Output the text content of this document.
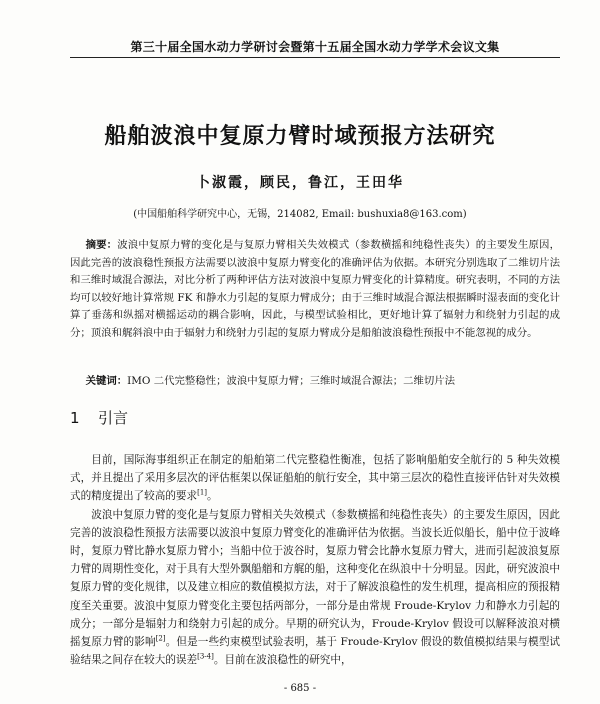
第三十届全国水动力学研讨会暨第十五届全国水动力学学术会议文集
船舶波浪中复原力臂时域预报方法研究
卜淑霞，顾民，鲁江，王田华
(中国船舶科学研究中心，无锡，214082, Email: bushuxia8@163.com)
摘要：波浪中复原力臂的变化是与复原力臂相关失效模式（参数横摇和纯稳性丧失）的主要发生原因，因此完善的波浪稳性预报方法需要以波浪中复原力臂变化的准确评估为依据。本研究分别选取了二维切片法和三维时域混合源法，对比分析了两种评估方法对波浪中复原力臂变化的计算精度。研究表明，不同的方法均可以较好地计算常规 FK 和静水力引起的复原力臂成分；由于三维时域混合源法根据瞬时湿表面的变化计算了垂荡和纵摇对横摇运动的耦合影响，因此，与模型试验相比，更好地计算了辐射力和绕射力引起的成分；顶浪和艉斜浪中由于辐射力和绕射力引起的复原力臂成分是船舶波浪稳性预报中不能忽视的成分。
关键词：IMO 二代完整稳性；波浪中复原力臂；三维时域混合源法；二维切片法
1 引言

目前，国际海事组织正在制定的船舶第二代完整稳性衡准，包括了影响船舶安全航行的 5 种失效模式，并且提出了采用多层次的评估框架以保证船舶的航行安全，其中第三层次的稳性直接评估针对失效模式的精度提出了较高的要求[1]。

波浪中复原力臂的变化是与复原力臂相关失效模式（参数横摇和纯稳性丧失）的主要发生原因，因此完善的波浪稳性预报方法需要以波浪中复原力臂变化的准确评估为依据。当波长近似船长，船中位于波峰时，复原力臂比静水复原力臂小；当船中位于波谷时，复原力臂会比静水复原力臂大，进而引起波浪复原力臂的周期性变化，对于具有大型外飘船艏和方艉的船，这种变化在纵浪中十分明显。因此，研究波浪中复原力臂的变化规律，以及建立相应的数值模拟方法，对于了解波浪稳性的发生机理，提高相应的预报精度至关重要。波浪中复原力臂变化主要包括两部分，一部分是由常规 Froude-Krylov 力和静水力引起的成分；一部分是辐射力和绕射力引起的成分。早期的研究认为，Froude-Krylov 假设可以解释波浪对横摇复原力臂的影响[2]。但是一些约束模型试验表明，基于 Froude-Krylov 假设的数值模拟结果与模型试验结果之间存在较大的误差[3-4]。目前在波浪稳性的研究中，

- 685 -
